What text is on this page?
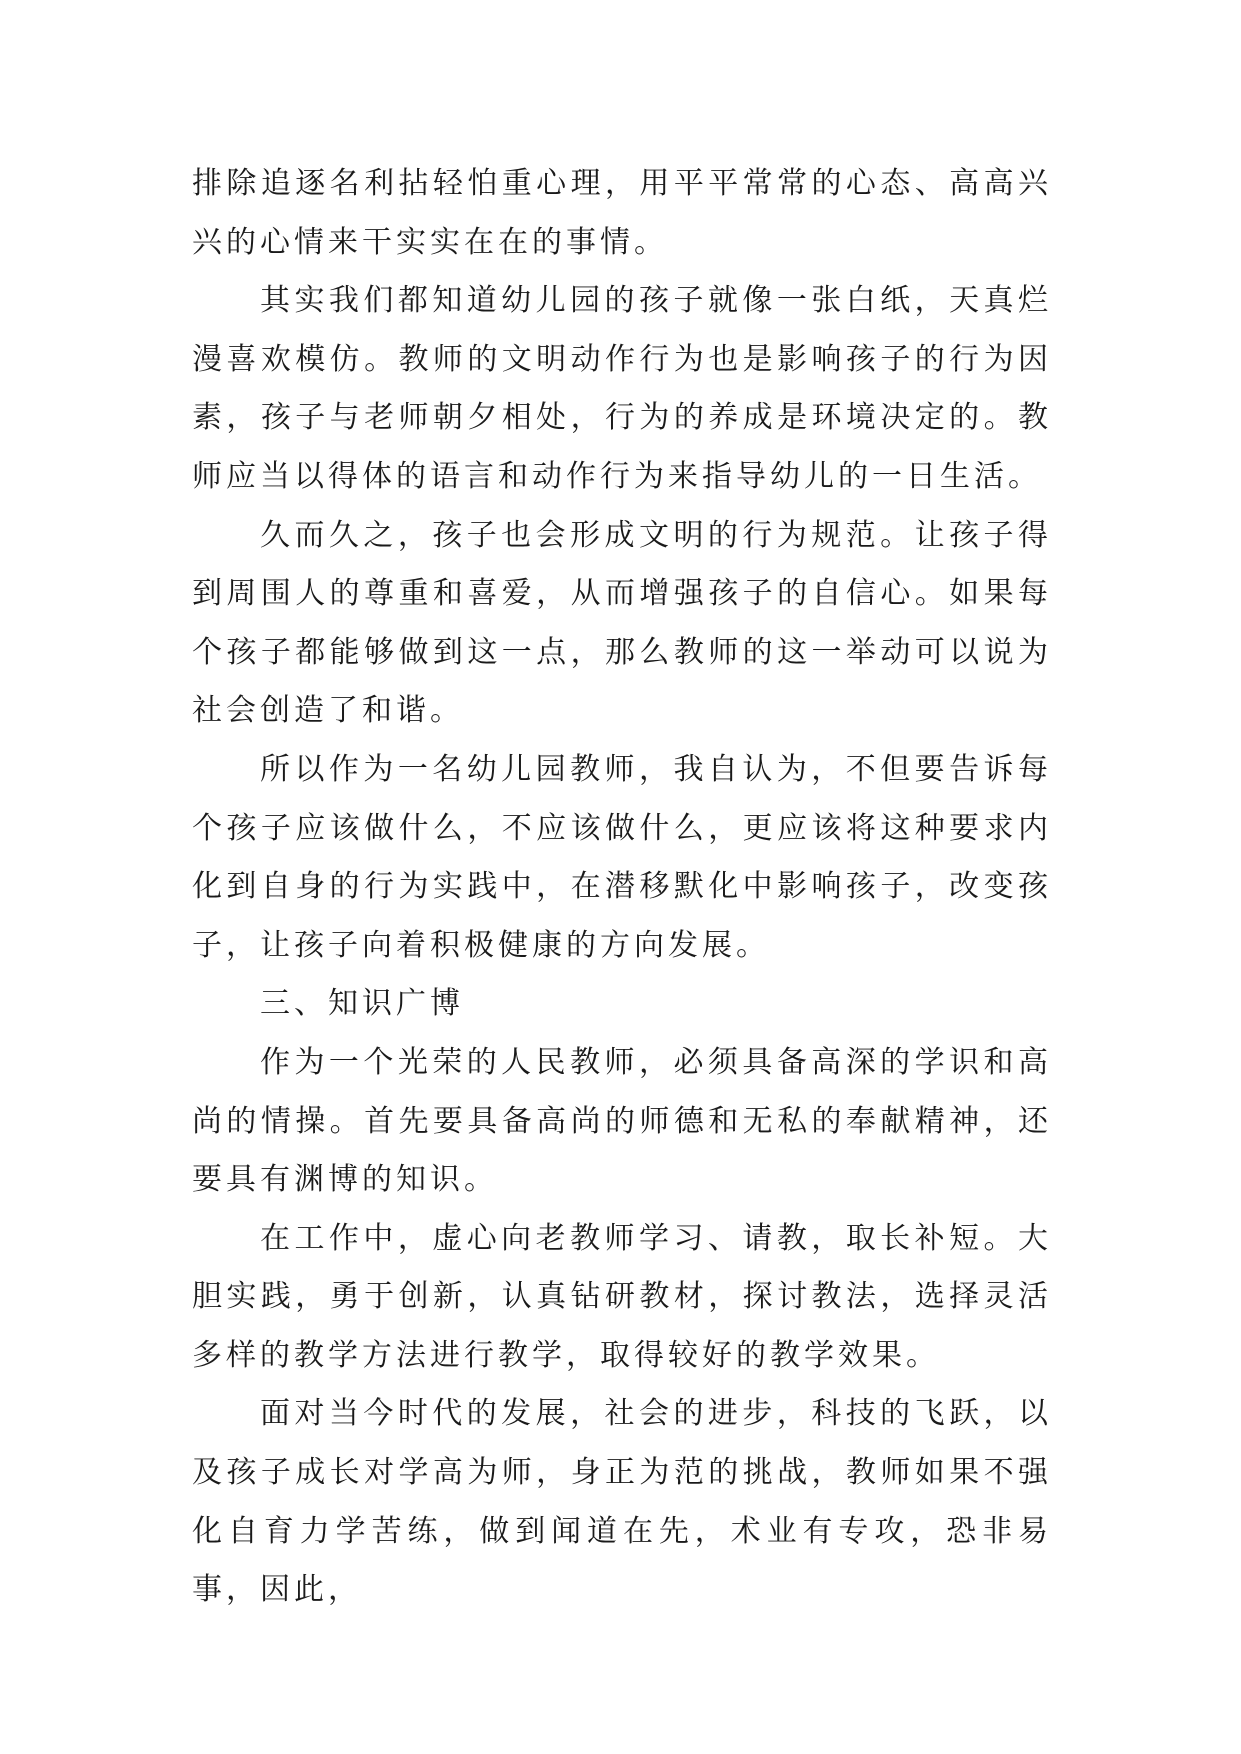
排除追逐名利拈轻怕重心理，用平平常常的心态、高高兴兴的心情来干实实在在的事情。

其实我们都知道幼儿园的孩子就像一张白纸，天真烂漫喜欢模仿。教师的文明动作行为也是影响孩子的行为因素，孩子与老师朝夕相处，行为的养成是环境决定的。教师应当以得体的语言和动作行为来指导幼儿的一日生活。

久而久之，孩子也会形成文明的行为规范。让孩子得到周围人的尊重和喜爱，从而增强孩子的自信心。如果每个孩子都能够做到这一点，那么教师的这一举动可以说为社会创造了和谐。

所以作为一名幼儿园教师，我自认为，不但要告诉每个孩子应该做什么，不应该做什么，更应该将这种要求内化到自身的行为实践中，在潜移默化中影响孩子，改变孩子，让孩子向着积极健康的方向发展。

三、知识广博

作为一个光荣的人民教师，必须具备高深的学识和高尚的情操。首先要具备高尚的师德和无私的奉献精神，还要具有渊博的知识。

在工作中，虚心向老教师学习、请教，取长补短。大胆实践，勇于创新，认真钻研教材，探讨教法，选择灵活多样的教学方法进行教学，取得较好的教学效果。

面对当今时代的发展，社会的进步，科技的飞跃，以及孩子成长对学高为师，身正为范的挑战，教师如果不强化自育力学苦练，做到闻道在先，术业有专攻，恐非易事，因此，
